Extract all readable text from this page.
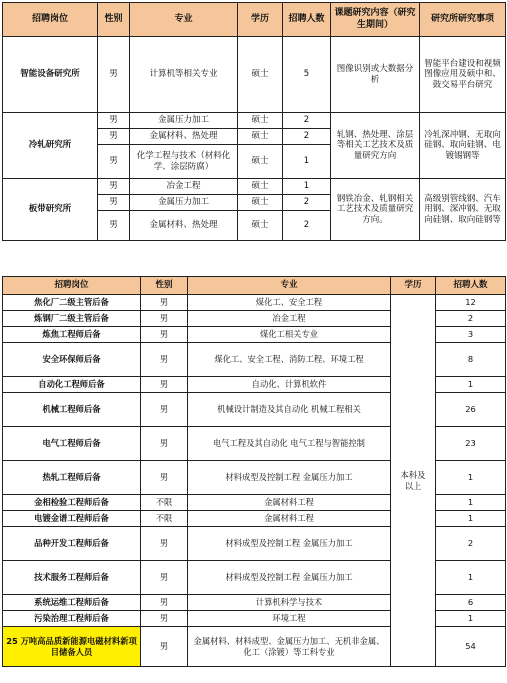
招聘岗位	性别	专业	学历	招聘人数	课题研究内容（研究生期间）	研究所研究事项
智能设备研究所	男	计算机等相关专业	硕士	5	图像识别或大数据分析	智能平台建设和视频图像应用及硕中和、鼓交易平台研究
冷轧研究所	男	金属压力加工	硕士	2	轧钢、热处理、涂层等相关工艺技术及质量研究方向	冷轧深冲钢、无取向硅钢、取向硅钢、电镀锡钢等
	男	金属材料、热处理	硕士	2		
	男	化学工程与技术（材料化学、涂层防腐）	硕士	1		
板带研究所	男	冶金工程	硕士	1	钢铁冶金、轧钢相关工艺技术及质量研究方向。	高级别管线钢、汽车用钢、深冲钢、无取向硅钢、取向硅钢等
	男	金属压力加工	硕士	2		
	男	金属材料、热处理	硕士	2		
招聘岗位	性别	专业	学历	招聘人数
焦化厂二级主管后备	男	煤化工、安全工程	本科及以上	12
炼钢厂二级主管后备	男	冶金工程		2
炼焦工程师后备	男	煤化工相关专业		3
安全环保师后备	男	煤化工、安全工程、消防工程、环境工程		8
自动化工程师后备	男	自动化、计算机软件		1
机械工程师后备	男	机械设计制造及其自动化 机械工程相关		26
电气工程师后备	男	电气工程及其自动化 电气工程与智能控制		23
热轧工程师后备	男	材料成型及控制工程 金属压力加工		1
金相检验工程师后备	不限	金属材料工程		1
电镀金谱工程师后备	不限	金属材料工程		1
品种开发工程师后备	男	材料成型及控制工程 金属压力加工		2
技术服务工程师后备	男	材料成型及控制工程 金属压力加工		1
系统运维工程师后备	男	计算机科学与技术		6
污染治理工程师后备	男	环境工程		1
25 万吨高品质新能源电磁材料新项目储备人员	男	金属材料、材料成型、金属压力加工、无机非金属、化工（涂镀）等工科专业		54
